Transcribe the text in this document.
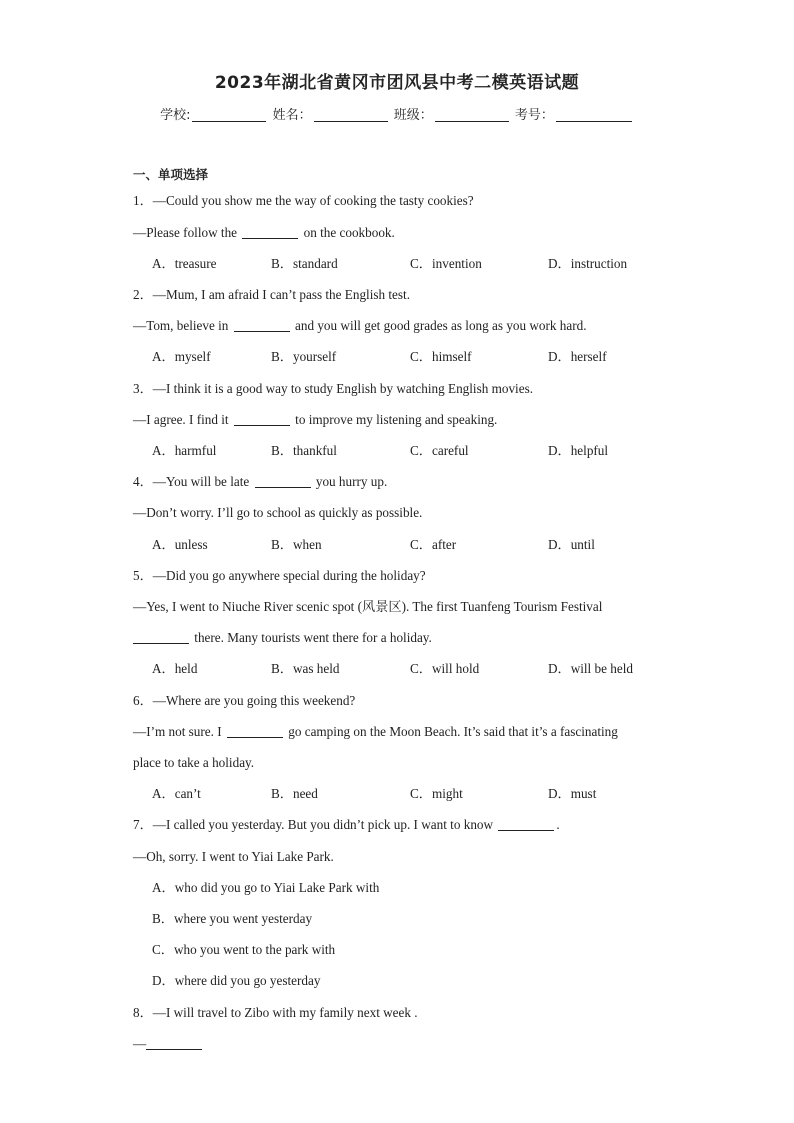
2023年湖北省黄冈市团风县中考二模英语试题
学校:	姓名：	班级：	考号：
一、单项选择
1．—Could you show me the way of cooking the tasty cookies?
—Please follow the	on the cookbook.
A．treasure	B．standard	C．invention	D．instruction
2．—Mum, I am afraid I can’t pass the English test.
—Tom, believe in	and you will get good grades as long as you work hard.
A．myself	B．yourself	C．himself	D．herself
3．—I think it is a good way to study English by watching English movies.
—I agree. I find it	to improve my listening and speaking.
A．harmful	B．thankful	C．careful	D．helpful
4．—You will be late	you hurry up.
—Don’t worry. I’ll go to school as quickly as possible.
A．unless	B．when	C．after	D．until
5．—Did you go anywhere special during the holiday?
—Yes, I went to Niuche River scenic spot (风景区). The first Tuanfeng Tourism Festival
there. Many tourists went there for a holiday.
A．held	B．was held	C．will hold	D．will be held
6．—Where are you going this weekend?
—I’m not sure. I	go camping on the Moon Beach. It’s said that it’s a fascinating
place to take a holiday.
A．can’t	B．need	C．might	D．must
7．—I called you yesterday. But you didn’t pick up. I want to know	.
—Oh, sorry. I went to Yiai Lake Park.
A．who did you go to Yiai Lake Park with
B．where you went yesterday
C．who you went to the park with
D．where did you go yesterday
8．—I will travel to Zibo with my family next week .
—
